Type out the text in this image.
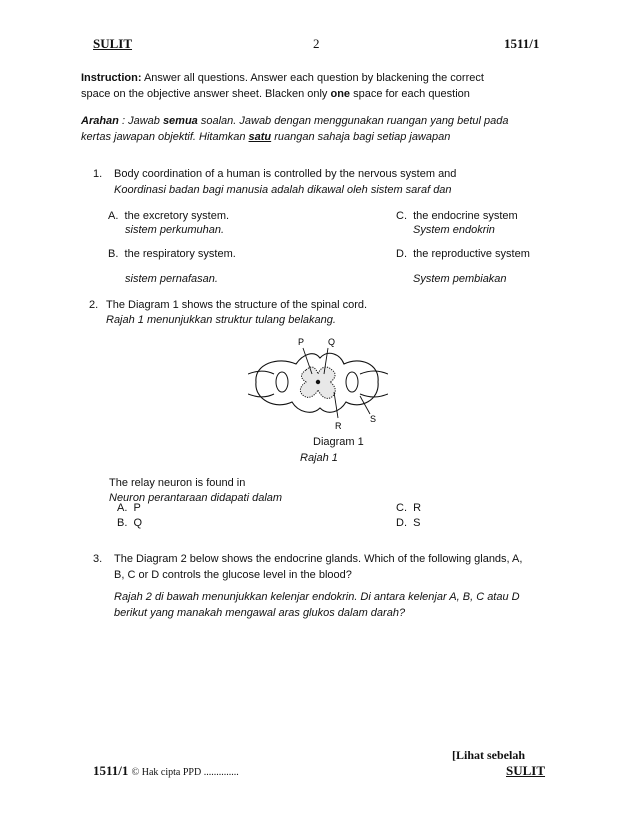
SULIT	2	1511/1
Instruction: Answer all questions. Answer each question by blackening the correct
space on the objective answer sheet. Blacken only one space for each question
Arahan : Jawab semua soalan. Jawab dengan menggunakan ruangan yang betul pada
kertas jawapan objektif. Hitamkan satu ruangan sahaja bagi setiap jawapan
1. Body coordination of a human is controlled by the nervous system and
Koordinasi badan bagi manusia adalah dikawal oleh sistem saraf dan
A. the excretory system.
sistem perkumuhan.
B. the respiratory system.
sistem pernafasan.
C. the endocrine system
System endokrin
D. the reproductive system
System pembiakan
2. The Diagram 1 shows the structure of the spinal cord.
Rajah 1 menunjukkan struktur tulang belakang.
P	Q
R
S
Diagram 1
Rajah 1
The relay neuron is found in
Neuron perantaraan didapati dalam
A. P
B. Q
C. R
D. S
3. The Diagram 2 below shows the endocrine glands. Which of the following glands, A,
B, C or D controls the glucose level in the blood?
Rajah 2 di bawah menunjukkan kelenjar endokrin. Di antara kelenjar A, B, C atau D
berikut yang manakah mengawal aras glukos dalam darah?
[Lihat sebelah
1511/1 © Hak cipta PPD ..............	SULIT
